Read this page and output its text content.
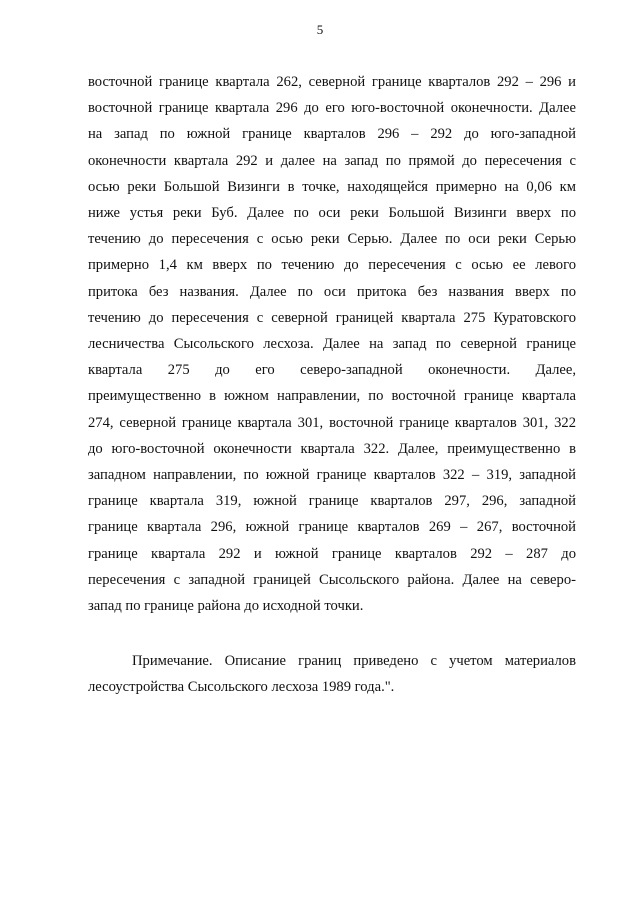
5
восточной границе квартала 262, северной границе кварталов 292 – 296 и
восточной границе квартала 296 до его юго-восточной оконечности. Далее
на запад по южной границе кварталов 296 – 292 до юго-западной
оконечности квартала 292 и далее на запад по прямой до пересечения с
осью реки Большой Визинги в точке, находящейся примерно на 0,06 км
ниже устья реки Буб. Далее по оси реки Большой Визинги вверх по
течению до пересечения с осью реки Серью. Далее по оси реки Серью
примерно 1,4 км вверх по течению до пересечения с осью ее левого
притока без названия. Далее по оси притока без названия вверх по
течению до пересечения с северной границей квартала 275 Куратовского
лесничества Сысольского лесхоза. Далее на запад по северной границе
квартала 275 до его северо-западной оконечности. Далее,
преимущественно в южном направлении, по восточной границе квартала
274, северной границе квартала 301, восточной границе кварталов 301, 322
до юго-восточной оконечности квартала 322. Далее, преимущественно в
западном направлении, по южной границе кварталов 322 – 319, западной
границе квартала 319, южной границе кварталов 297, 296, западной
границе квартала 296, южной границе кварталов 269 – 267, восточной
границе квартала 292 и южной границе кварталов 292 – 287 до
пересечения с западной границей Сысольского района. Далее на северо-
запад по границе района до исходной точки.
Примечание. Описание границ приведено с учетом материалов
лесоустройства Сысольского лесхоза 1989 года.".
